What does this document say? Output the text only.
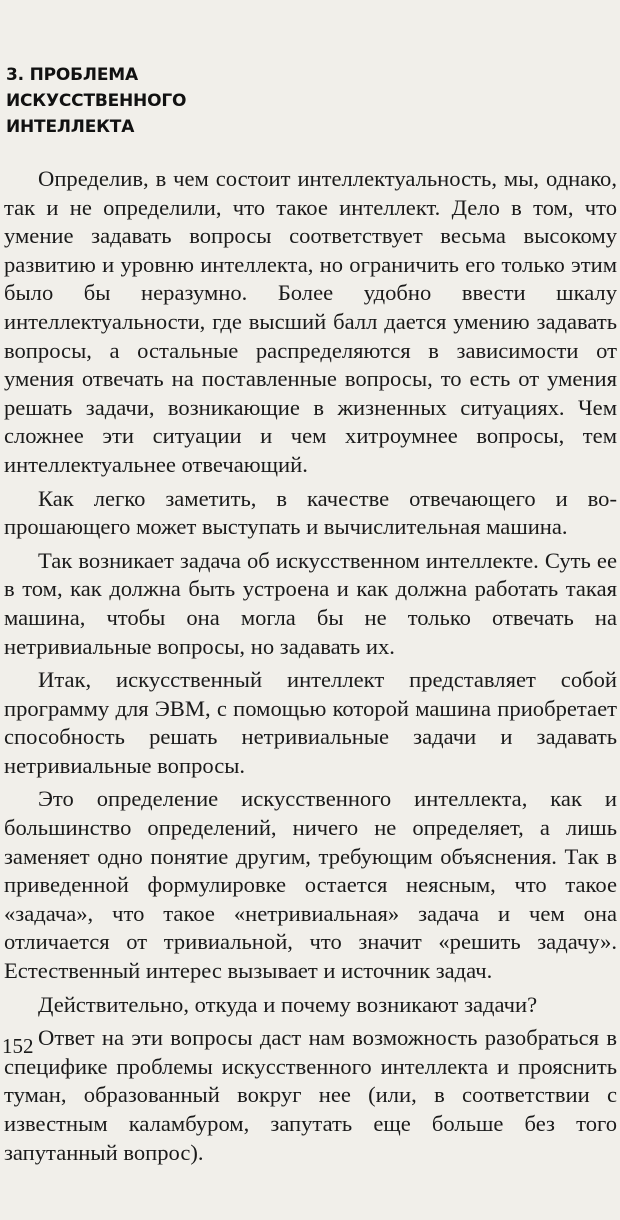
3. ПРОБЛЕМА
ИСКУССТВЕННОГО
ИНТЕЛЛЕКТА

Определив, в чем состоит интеллектуальность, мы, однако, так и не определили, что такое интеллект. Дело в том, что умение задавать вопросы соответствует весьма высокому развитию и уровню интеллекта, но ограничить его только этим было бы неразумно. Более удобно ввести шкалу интеллектуальности, где высший балл дается умению задавать вопросы, а остальные распределяются в зависимости от умения отвечать на поставленные вопросы, то есть от умения решать задачи, возникающие в жизненных ситуациях. Чем сложнее эти ситуации и чем хитроумнее вопросы, тем интеллектуальнее отвечающий.

Как легко заметить, в качестве отвечающего и вопрошающего может выступать и вычислительная машина.

Так возникает задача об искусственном интеллекте. Суть ее в том, как должна быть устроена и как должна работать такая машина, чтобы она могла бы не только отвечать на нетривиальные вопросы, но задавать их.

Итак, искусственный интеллект представляет собой программу для ЭВМ, с помощью которой машина приобретает способность решать нетривиальные задачи и задавать нетривиальные вопросы.

Это определение искусственного интеллекта, как и большинство определений, ничего не определяет, а лишь заменяет одно понятие другим, требующим объяснения. Так в приведенной формулировке остается неясным, что такое «задача», что такое «нетривиальная» задача и чем она отличается от тривиальной, что значит «решить задачу». Естественный интерес вызывает и источник задач.

Действительно, откуда и почему возникают задачи?

Ответ на эти вопросы даст нам возможность разобраться в специфике проблемы искусственного интеллекта и прояснить туман, образованный вокруг нее (или, в соответствии с известным каламбуром, запутать еще больше без того запутанный вопрос).

152
